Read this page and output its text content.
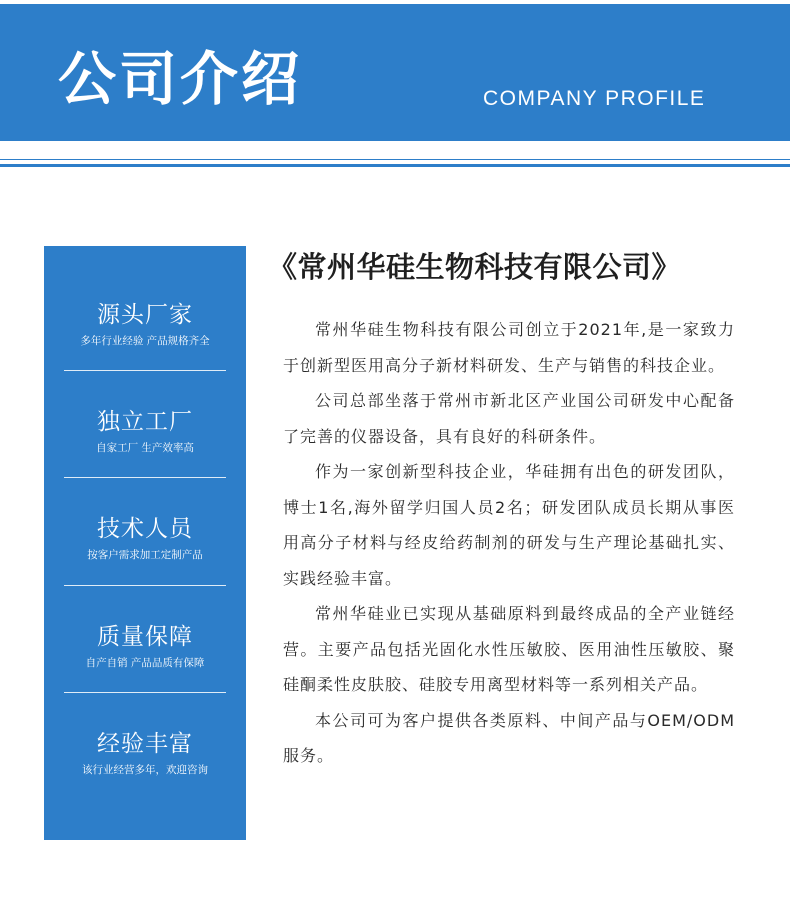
公司介绍	COMPANY PROFILE
源头厂家
多年行业经验 产品规格齐全
独立工厂
自家工厂 生产效率高
技术人员
按客户需求加工定制产品
质量保障
自产自销 产品品质有保障
经验丰富
该行业经营多年，欢迎咨询
《常州华硅生物科技有限公司》

常州华硅生物科技有限公司创立于2021年,是一家致力于创新型医用高分子新材料研发、生产与销售的科技企业。

公司总部坐落于常州市新北区产业国公司研发中心配备了完善的仪器设备，具有良好的科研条件。

作为一家创新型科技企业，华硅拥有出色的研发团队，博士1名,海外留学归国人员2名；研发团队成员长期从事医用高分子材料与经皮给药制剂的研发与生产理论基础扎实、实践经验丰富。

常州华硅业已实现从基础原料到最终成品的全产业链经营。主要产品包括光固化水性压敏胶、医用油性压敏胶、聚硅酮柔性皮肤胶、硅胶专用离型材料等一系列相关产品。

本公司可为客户提供各类原料、中间产品与OEM/ODM服务。
